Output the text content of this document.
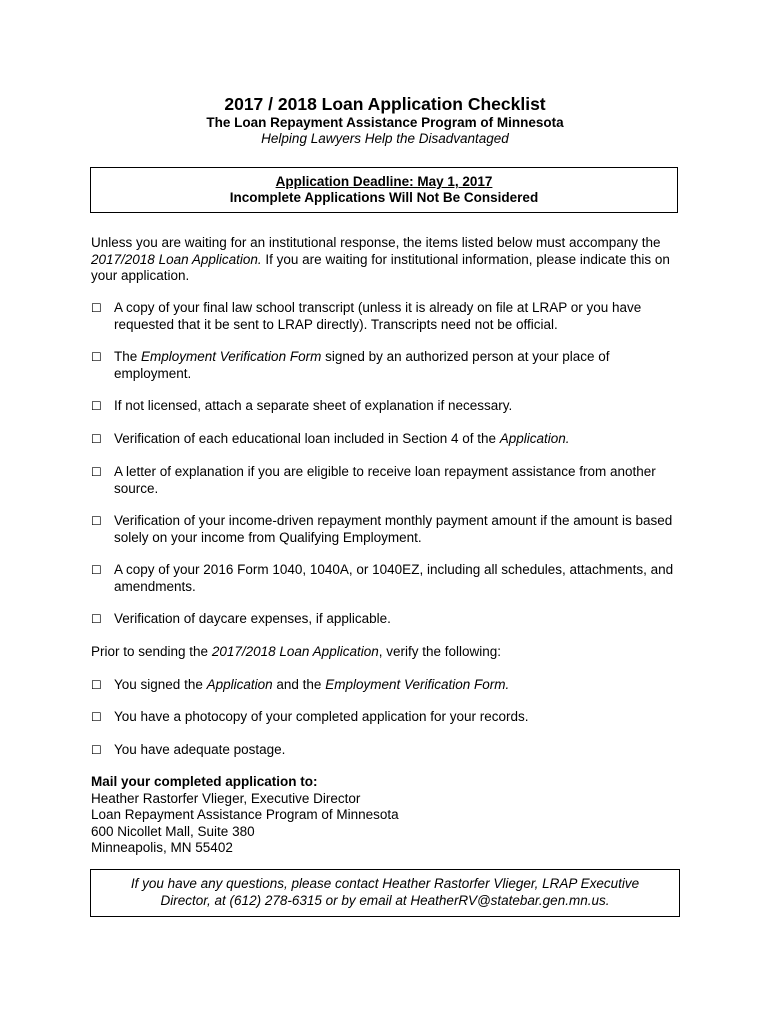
2017 / 2018 Loan Application Checklist
The Loan Repayment Assistance Program of Minnesota
Helping Lawyers Help the Disadvantaged
Application Deadline: May 1, 2017
Incomplete Applications Will Not Be Considered
Unless you are waiting for an institutional response, the items listed below must accompany the 2017/2018 Loan Application. If you are waiting for institutional information, please indicate this on your application.
☐ A copy of your final law school transcript (unless it is already on file at LRAP or you have requested that it be sent to LRAP directly). Transcripts need not be official.
☐ The Employment Verification Form signed by an authorized person at your place of employment.
☐ If not licensed, attach a separate sheet of explanation if necessary.
☐ Verification of each educational loan included in Section 4 of the Application.
☐ A letter of explanation if you are eligible to receive loan repayment assistance from another source.
☐ Verification of your income-driven repayment monthly payment amount if the amount is based solely on your income from Qualifying Employment.
☐ A copy of your 2016 Form 1040, 1040A, or 1040EZ, including all schedules, attachments, and amendments.
☐ Verification of daycare expenses, if applicable.
Prior to sending the 2017/2018 Loan Application, verify the following:
☐ You signed the Application and the Employment Verification Form.
☐ You have a photocopy of your completed application for your records.
☐ You have adequate postage.
Mail your completed application to:
Heather Rastorfer Vlieger, Executive Director
Loan Repayment Assistance Program of Minnesota
600 Nicollet Mall, Suite 380
Minneapolis, MN 55402
If you have any questions, please contact Heather Rastorfer Vlieger, LRAP Executive
Director, at (612) 278-6315 or by email at HeatherRV@statebar.gen.mn.us.
